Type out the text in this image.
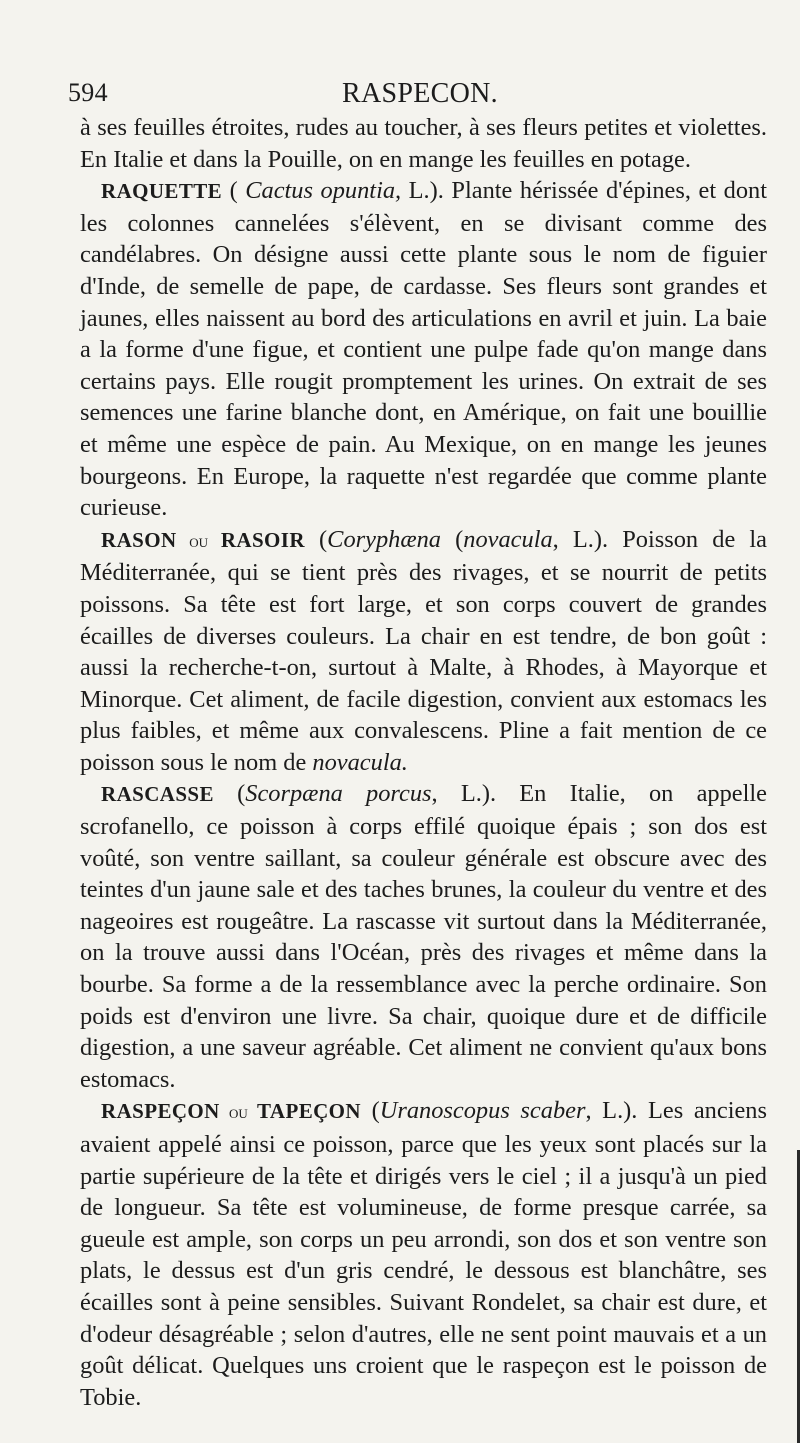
594	RASPECON.

à ses feuilles étroites, rudes au toucher, à ses fleurs petites et violettes. En Italie et dans la Pouille, on en mange les feuilles en potage.

RAQUETTE ( Cactus opuntia, L.). Plante hérissée d'épines, et dont les colonnes cannelées s'élèvent, en se divisant comme des candélabres. On désigne aussi cette plante sous le nom de figuier d'Inde, de semelle de pape, de cardasse. Ses fleurs sont grandes et jaunes, elles naissent au bord des articulations en avril et juin. La baie a la forme d'une figue, et contient une pulpe fade qu'on mange dans certains pays. Elle rougit promptement les urines. On extrait de ses semences une farine blanche dont, en Amérique, on fait une bouillie et même une espèce de pain. Au Mexique, on en mange les jeunes bourgeons. En Europe, la raquette n'est regardée que comme plante curieuse.

RASON ou RASOIR (Coryphæna (novacula, L.). Poisson de la Méditerranée, qui se tient près des rivages, et se nourrit de petits poissons. Sa tête est fort large, et son corps couvert de grandes écailles de diverses couleurs. La chair en est tendre, de bon goût : aussi la recherche-t-on, surtout à Malte, à Rhodes, à Mayorque et Minorque. Cet aliment, de facile digestion, convient aux estomacs les plus faibles, et même aux convalescens. Pline a fait mention de ce poisson sous le nom de novacula.

RASCASSE (Scorpæna porcus, L.). En Italie, on appelle scrofanello, ce poisson à corps effilé quoique épais ; son dos est voûté, son ventre saillant, sa couleur générale est obscure avec des teintes d'un jaune sale et des taches brunes, la couleur du ventre et des nageoires est rougeâtre. La rascasse vit surtout dans la Méditerranée, on la trouve aussi dans l'Océan, près des rivages et même dans la bourbe. Sa forme a de la ressemblance avec la perche ordinaire. Son poids est d'environ une livre. Sa chair, quoique dure et de difficile digestion, a une saveur agréable. Cet aliment ne convient qu'aux bons estomacs.

RASPEÇON ou TAPEÇON (Uranoscopus scaber, L.). Les anciens avaient appelé ainsi ce poisson, parce que les yeux sont placés sur la partie supérieure de la tête et dirigés vers le ciel ; il a jusqu'à un pied de longueur. Sa tête est volumineuse, de forme presque carrée, sa gueule est ample, son corps un peu arrondi, son dos et son ventre son plats, le dessus est d'un gris cendré, le dessous est blanchâtre, ses écailles sont à peine sensibles. Suivant Rondelet, sa chair est dure, et d'odeur désagréable ; selon d'autres, elle ne sent point mauvais et a un goût délicat. Quelques uns croient que le raspeçon est le poisson de Tobie.
